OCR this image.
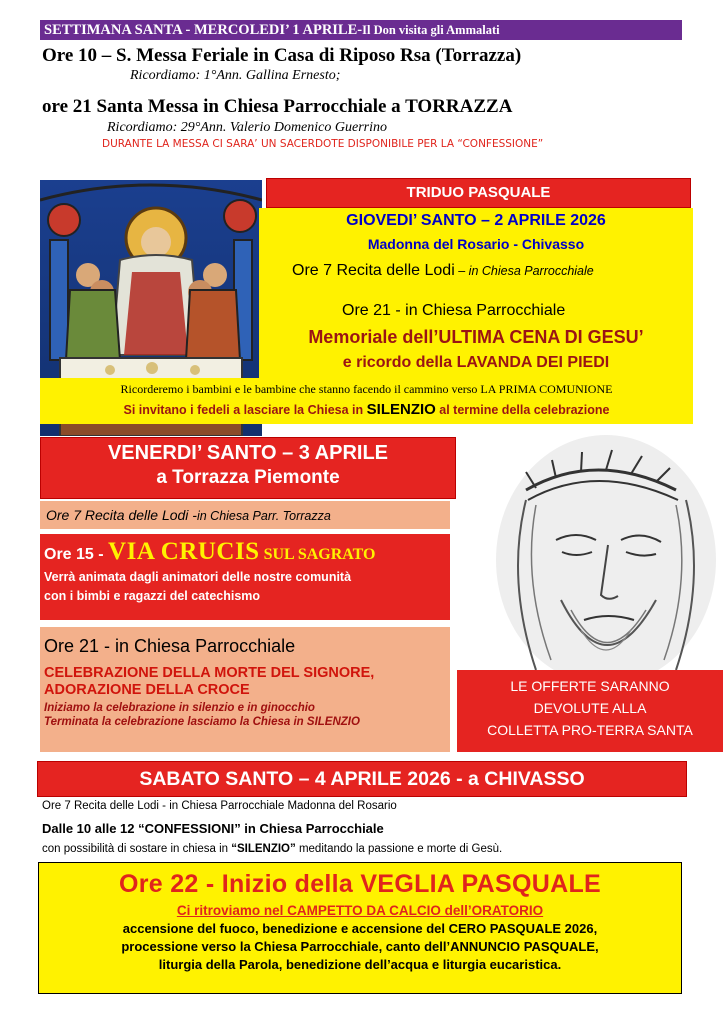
SETTIMANA SANTA - MERCOLEDI’ 1 APRILE-Il Don visita gli Ammalati
Ore 10 – S. Messa Feriale in Casa di Riposo Rsa (Torrazza)
Ricordiamo: 1°Ann. Gallina Ernesto;
ore 21 Santa Messa in Chiesa Parrocchiale a TORRAZZA
Ricordiamo: 29°Ann. Valerio Domenico Guerrino
DURANTE LA MESSA CI SARA’ UN SACERDOTE DISPONIBILE PER LA “CONFESSIONE”
TRIDUO PASQUALE
GIOVEDI’ SANTO – 2 APRILE 2026
Madonna del Rosario - Chivasso
Ore 7 Recita delle Lodi – in Chiesa Parrocchiale
Ore 21 - in Chiesa Parrocchiale
Memoriale dell’ULTIMA CENA DI GESU’
e ricordo della LAVANDA DEI PIEDI
Ricorderemo i bambini e le bambine che stanno facendo il cammino verso LA PRIMA COMUNIONE
Si invitano i fedeli a lasciare la Chiesa in SILENZIO al termine della celebrazione
VENERDI’ SANTO – 3 APRILE
a Torrazza Piemonte
Ore 7 Recita delle Lodi -in Chiesa Parr. Torrazza
Ore 15 - VIA CRUCIS SUL SAGRATO
Verrà animata dagli animatori delle nostre comunità
con i bimbi e ragazzi del catechismo
Ore 21 - in Chiesa Parrocchiale
CELEBRAZIONE DELLA MORTE DEL SIGNORE,
ADORAZIONE DELLA CROCE
Iniziamo la celebrazione in silenzio e in ginocchio
Terminata la celebrazione lasciamo la Chiesa in SILENZIO
LE OFFERTE SARANNO
DEVOLUTE ALLA
COLLETTA PRO-TERRA SANTA
SABATO SANTO – 4 APRILE 2026 - a CHIVASSO
Ore 7 Recita delle Lodi - in Chiesa Parrocchiale Madonna del Rosario
Dalle 10 alle 12 “CONFESSIONI” in Chiesa Parrocchiale
con possibilità di sostare in chiesa in “SILENZIO” meditando la passione e morte di Gesù.
Ore 22 - Inizio della VEGLIA PASQUALE
Ci ritroviamo nel CAMPETTO DA CALCIO dell’ORATORIO
accensione del fuoco, benedizione e accensione del CERO PASQUALE 2026,
processione verso la Chiesa Parrocchiale, canto dell’ANNUNCIO PASQUALE,
liturgia della Parola, benedizione dell’acqua e liturgia eucaristica.
